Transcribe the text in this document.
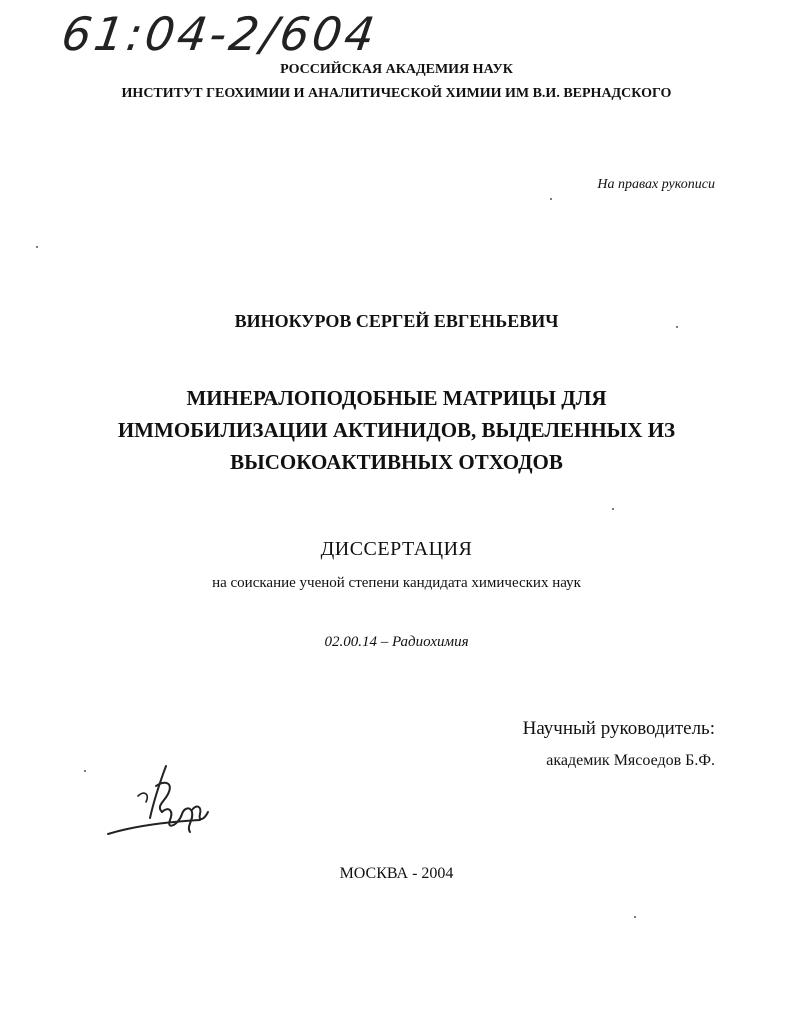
61:04-2/604
РОССИЙСКАЯ АКАДЕМИЯ НАУК
ИНСТИТУТ ГЕОХИМИИ И АНАЛИТИЧЕСКОЙ ХИМИИ ИМ В.И. ВЕРНАДСКОГО
На правах рукописи
ВИНОКУРОВ СЕРГЕЙ ЕВГЕНЬЕВИЧ
МИНЕРАЛОПОДОБНЫЕ МАТРИЦЫ ДЛЯ
ИММОБИЛИЗАЦИИ АКТИНИДОВ, ВЫДЕЛЕННЫХ ИЗ
ВЫСОКОАКТИВНЫХ ОТХОДОВ
ДИССЕРТАЦИЯ
на соискание ученой степени кандидата химических наук
02.00.14 – Радиохимия
Научный руководитель:
академик Мясоедов Б.Ф.
МОСКВА - 2004
